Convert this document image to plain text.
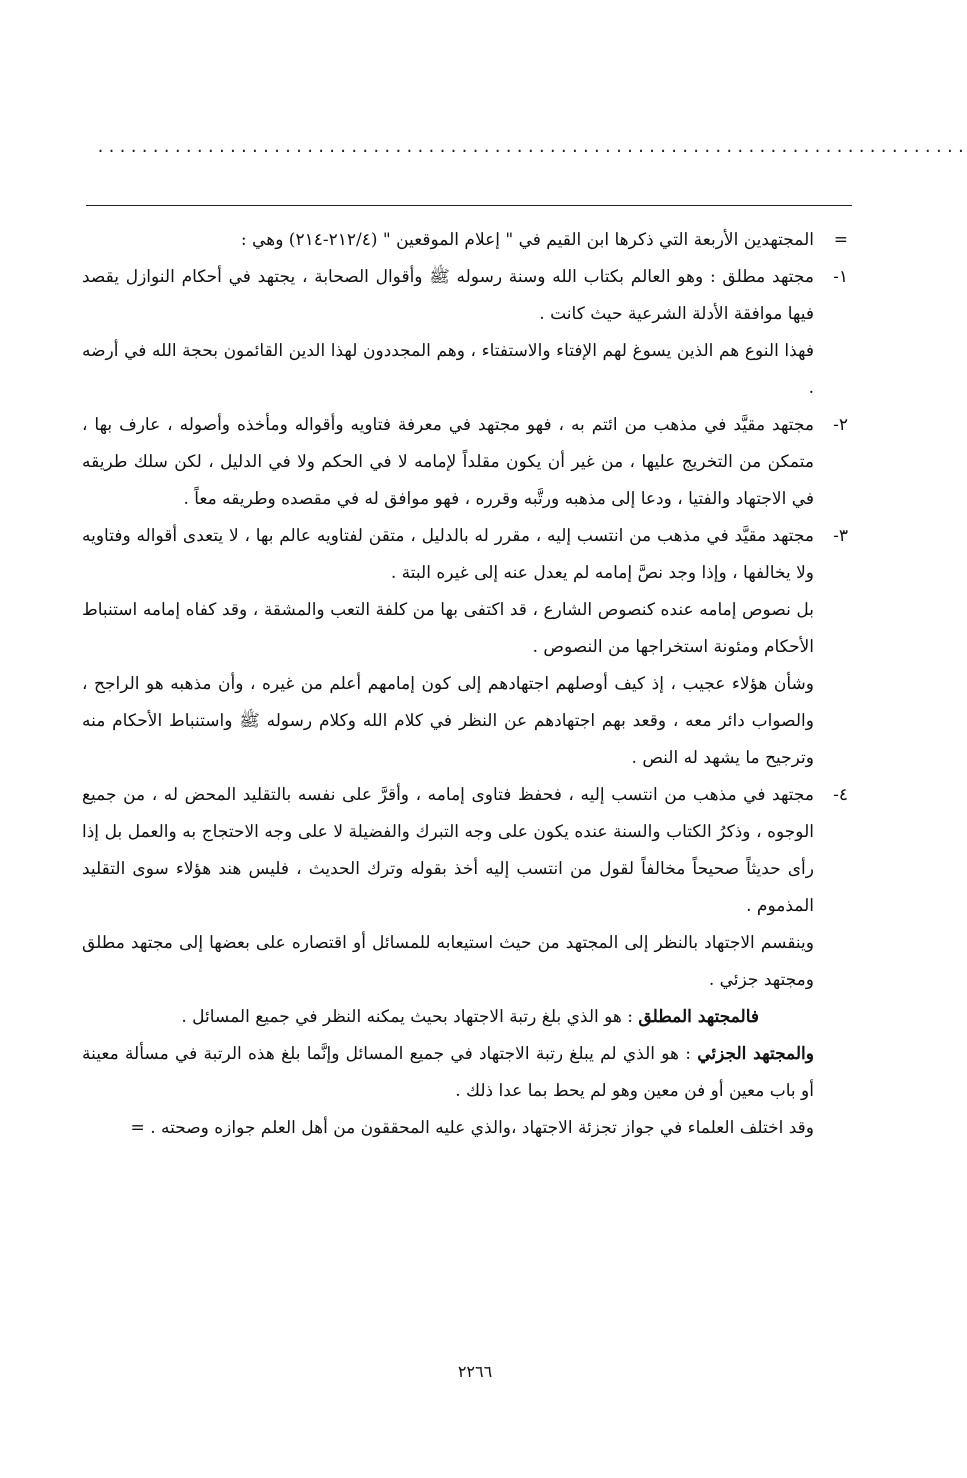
...............................................................................

=
المجتهدين الأربعة التي ذكرها ابن القيم في " إعلام الموقعين " (٢١٢/٤-٢١٤) وهي :

١-
مجتهد مطلق : وهو العالم بكتاب الله وسنة رسوله ﷺ وأقوال الصحابة ، يجتهد في أحكام النوازل يقصد فيها موافقة الأدلة الشرعية حيث كانت .

فهذا النوع هم الذين يسوغ لهم الإفتاء والاستفتاء ، وهم المجددون لهذا الدين القائمون بحجة الله في أرضه .

٢-
مجتهد مقيَّد في مذهب من ائتم به ، فهو مجتهد في معرفة فتاويه وأقواله ومأخذه وأصوله ، عارف بها ، متمكن من التخريج عليها ، من غير أن يكون مقلداً لإمامه لا في الحكم ولا في الدليل ، لكن سلك طريقه في الاجتهاد والفتيا ، ودعا إلى مذهبه ورتَّبه وقرره ، فهو موافق له في مقصده وطريقه معاً .

٣-
مجتهد مقيَّد في مذهب من انتسب إليه ، مقرر له بالدليل ، متقن لفتاويه عالم بها ، لا يتعدى أقواله وفتاويه ولا يخالفها ، وإذا وجد نصَّ إمامه لم يعدل عنه إلى غيره البتة .

بل نصوص إمامه عنده كنصوص الشارع ، قد اكتفى بها من كلفة التعب والمشقة ، وقد كفاه إمامه استنباط الأحكام ومئونة استخراجها من النصوص .

وشأن هؤلاء عجيب ، إذ كيف أوصلهم اجتهادهم إلى كون إمامهم أعلم من غيره ، وأن مذهبه هو الراجح ، والصواب دائر معه ، وقعد بهم اجتهادهم عن النظر في كلام الله وكلام رسوله ﷺ واستنباط الأحكام منه وترجيح ما يشهد له النص .

٤-
مجتهد في مذهب من انتسب إليه ، فحفظ فتاوى إمامه ، وأقرَّ على نفسه بالتقليد المحض له ، من جميع الوجوه ، وذكرُ الكتاب والسنة عنده يكون على وجه التبرك والفضيلة لا على وجه الاحتجاج به والعمل بل إذا رأى حديثاً صحيحاً مخالفاً لقول من انتسب إليه أخذ بقوله وترك الحديث ، فليس هند هؤلاء سوى التقليد المذموم .

وينقسم الاجتهاد بالنظر إلى المجتهد من حيث استيعابه للمسائل أو اقتصاره على بعضها إلى مجتهد مطلق ومجتهد جزئي .

فالمجتهد المطلق : هو الذي بلغ رتبة الاجتهاد بحيث يمكنه النظر في جميع المسائل .

والمجتهد الجزئي : هو الذي لم يبلغ رتبة الاجتهاد في جميع المسائل وإنَّما بلغ هذه الرتبة في مسألة معينة أو باب معين أو فن معين وهو لم يحط بما عدا ذلك .

وقد اختلف العلماء في جواز تجزئة الاجتهاد ،والذي عليه المحققون من أهل العلم جوازه وصحته . =

٢٢٦٦
